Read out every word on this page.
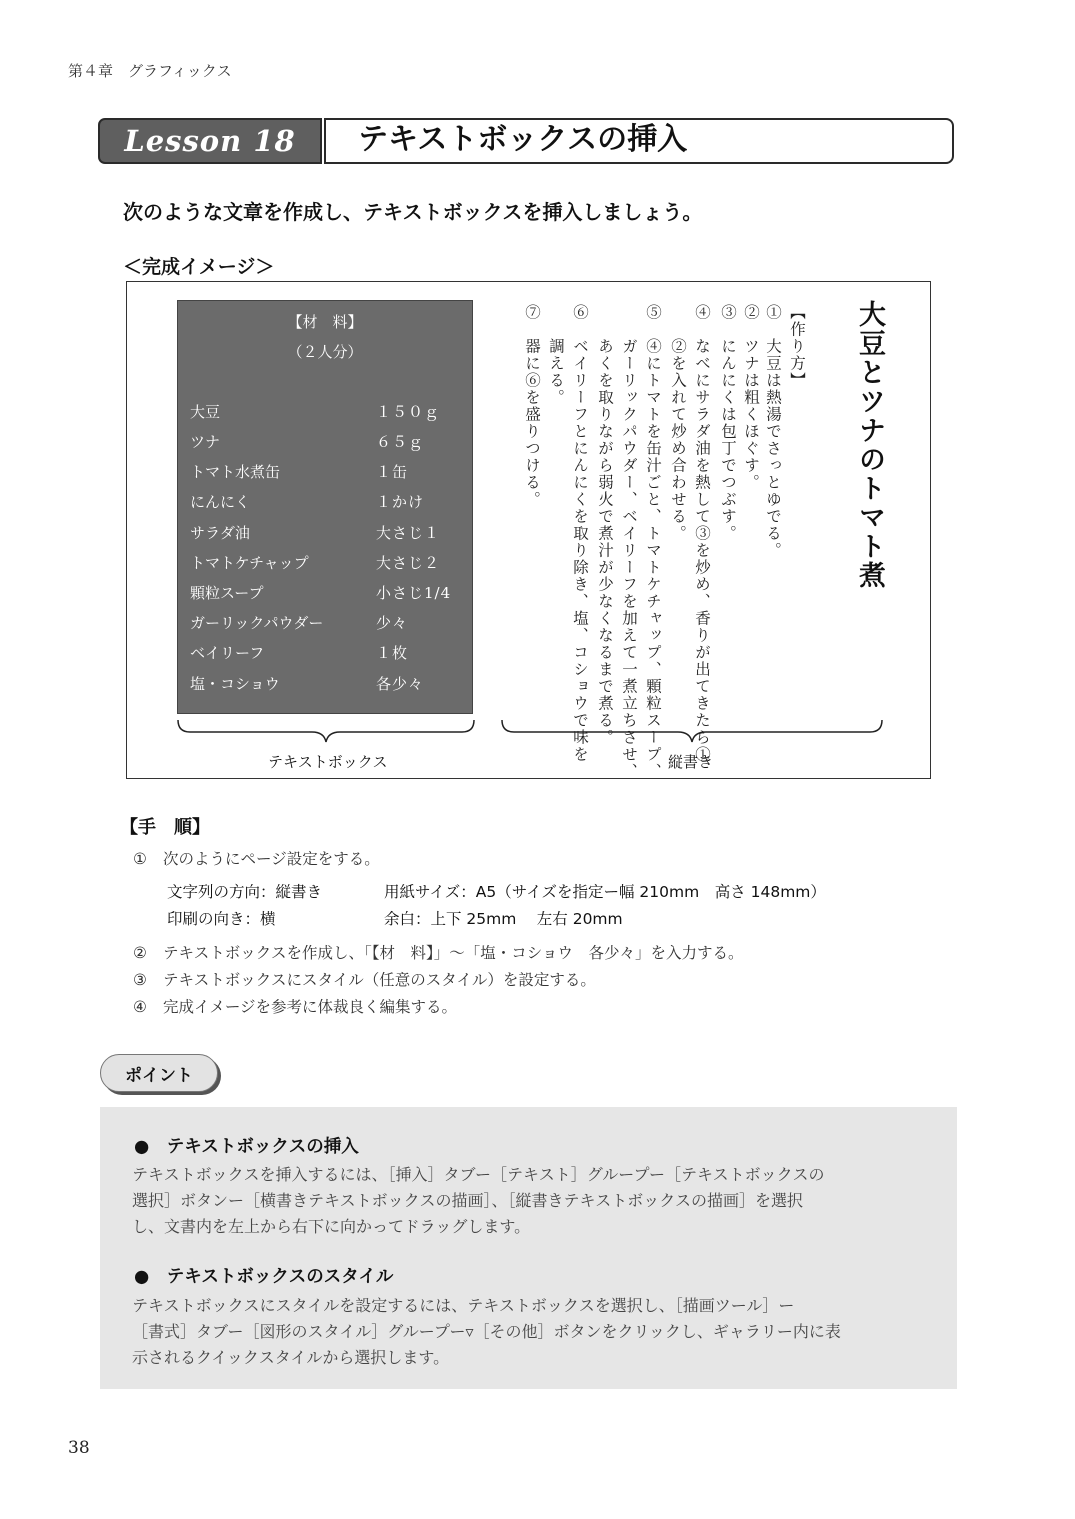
第４章　グラフィックス
Lesson 18	テキストボックスの挿入
次のような文章を作成し、テキストボックスを挿入しましょう。
＜完成イメージ＞
【材　料】
（２人分）
大豆	１５０ｇ
ツナ	６５ｇ
トマト水煮缶	１缶
にんにく	１かけ
サラダ油	大さじ１
トマトケチャップ	大さじ２
顆粒スープ	小さじ1/4
ガーリックパウダー	少々
ベイリーフ	１枚
塩・コショウ	各少々
大豆とツナのトマト煮
【作り方】
①　大豆は熱湯でさっとゆでる。
②　ツナは粗くほぐす。
③　にんにくは包丁でつぶす。
④　なべにサラダ油を熱して③を炒め、香りが出てきたら①
　　②を入れて炒め合わせる。
⑤　④にトマトを缶汁ごと、トマトケチャップ、顆粒スープ、
　　ガーリックパウダー、ベイリーフを加えて一煮立ちさせ、
　　あくを取りながら弱火で煮汁が少なくなるまで煮る。
⑥　ベイリーフとにんにくを取り除き、塩、コショウで味を
　　調える。
⑦　器に⑥を盛りつける。
テキストボックス	縦書き
【手　順】
① 次のようにページ設定をする。
文字列の方向：縦書き	用紙サイズ：A5（サイズを指定ー幅 210mm　高さ 148mm）
印刷の向き：横	余白：上下 25mm　 左右 20mm
② テキストボックスを作成し、「【材　料】」～「塩・コショウ　各少々」を入力する。
③ テキストボックスにスタイル（任意のスタイル）を設定する。
④ 完成イメージを参考に体裁良く編集する。
ポイント
●　テキストボックスの挿入
テキストボックスを挿入するには、［挿入］タブー［テキスト］グループー［テキストボックスの
選択］ボタンー［横書きテキストボックスの描画］、［縦書きテキストボックスの描画］を選択
し、文書内を左上から右下に向かってドラッグします。
●　テキストボックスのスタイル
テキストボックスにスタイルを設定するには、テキストボックスを選択し、［描画ツール］ー
［書式］タブー［図形のスタイル］グループー▿［その他］ボタンをクリックし、ギャラリー内に表
示されるクイックスタイルから選択します。
38
